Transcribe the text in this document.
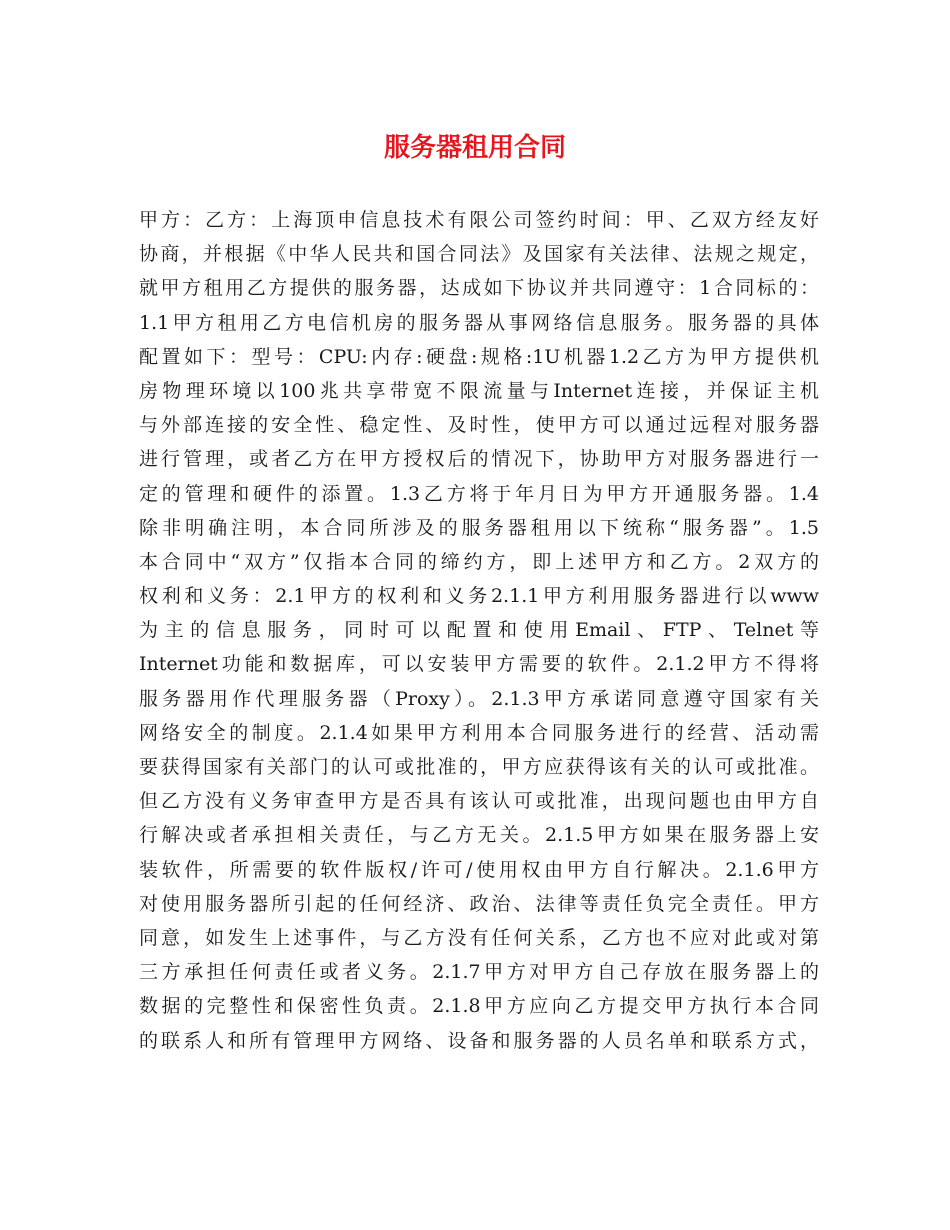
服务器租用合同
甲方：乙方：上海顶申信息技术有限公司签约时间：甲、乙双方经友好
协商，并根据《中华人民共和国合同法》及国家有关法律、法规之规定，
就甲方租用乙方提供的服务器，达成如下协议并共同遵守：1合同标的：
1.1甲方租用乙方电信机房的服务器从事网络信息服务。服务器的具体
配置如下：型号：CPU:内存:硬盘:规格:1U机器1.2乙方为甲方提供机
房物理环境以100兆共享带宽不限流量与Internet连接，并保证主机
与外部连接的安全性、稳定性、及时性，使甲方可以通过远程对服务器
进行管理，或者乙方在甲方授权后的情况下，协助甲方对服务器进行一
定的管理和硬件的添置。1.3乙方将于年月日为甲方开通服务器。1.4
除非明确注明，本合同所涉及的服务器租用以下统称“服务器”。1.5
本合同中“双方”仅指本合同的缔约方，即上述甲方和乙方。2双方的
权利和义务：2.1甲方的权利和义务2.1.1甲方利用服务器进行以www
为主的信息服务，同时可以配置和使用Email、FTP、Telnet等
Internet功能和数据库，可以安装甲方需要的软件。2.1.2甲方不得将
服务器用作代理服务器（Proxy）。2.1.3甲方承诺同意遵守国家有关
网络安全的制度。2.1.4如果甲方利用本合同服务进行的经营、活动需
要获得国家有关部门的认可或批准的，甲方应获得该有关的认可或批准。
但乙方没有义务审查甲方是否具有该认可或批准，出现问题也由甲方自
行解决或者承担相关责任，与乙方无关。2.1.5甲方如果在服务器上安
装软件，所需要的软件版权/许可/使用权由甲方自行解决。2.1.6甲方
对使用服务器所引起的任何经济、政治、法律等责任负完全责任。甲方
同意，如发生上述事件，与乙方没有任何关系，乙方也不应对此或对第
三方承担任何责任或者义务。2.1.7甲方对甲方自己存放在服务器上的
数据的完整性和保密性负责。2.1.8甲方应向乙方提交甲方执行本合同
的联系人和所有管理甲方网络、设备和服务器的人员名单和联系方式，
